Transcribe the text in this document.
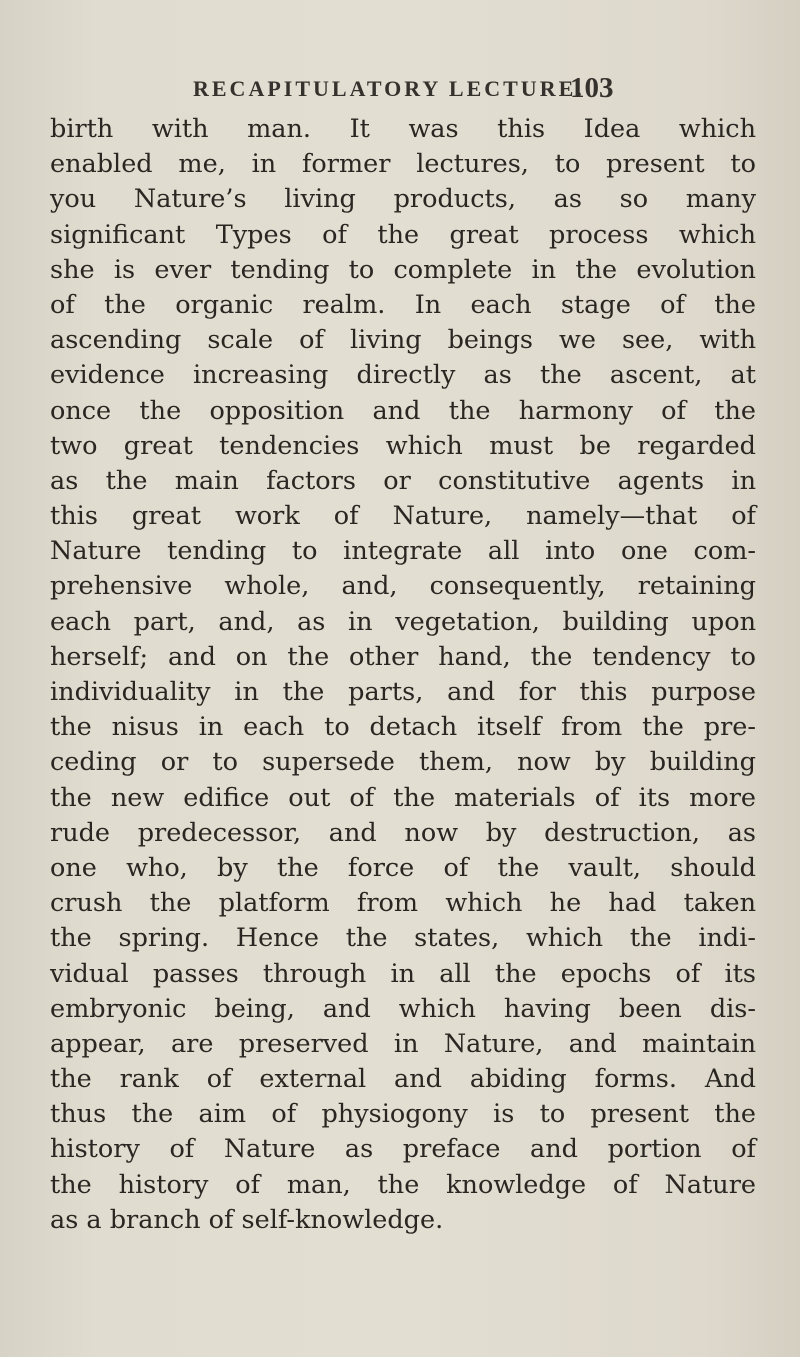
RECAPITULATORY LECTURE.
103
birth with man. It was this Idea which
enabled me, in former lectures, to present to
you Nature’s living products, as so many
significant Types of the great process which
she is ever tending to complete in the evolution
of the organic realm. In each stage of the
ascending scale of living beings we see, with
evidence increasing directly as the ascent, at
once the opposition and the harmony of the
two great tendencies which must be regarded
as the main factors or constitutive agents in
this great work of Nature, namely—that of
Nature tending to integrate all into one com-
prehensive whole, and, consequently, retaining
each part, and, as in vegetation, building upon
herself; and on the other hand, the tendency to
individuality in the parts, and for this purpose
the nisus in each to detach itself from the pre-
ceding or to supersede them, now by building
the new edifice out of the materials of its more
rude predecessor, and now by destruction, as
one who, by the force of the vault, should
crush the platform from which he had taken
the spring. Hence the states, which the indi-
vidual passes through in all the epochs of its
embryonic being, and which having been dis-
appear, are preserved in Nature, and maintain
the rank of external and abiding forms. And
thus the aim of physiogony is to present the
history of Nature as preface and portion of
the history of man, the knowledge of Nature
as a branch of self-knowledge.
